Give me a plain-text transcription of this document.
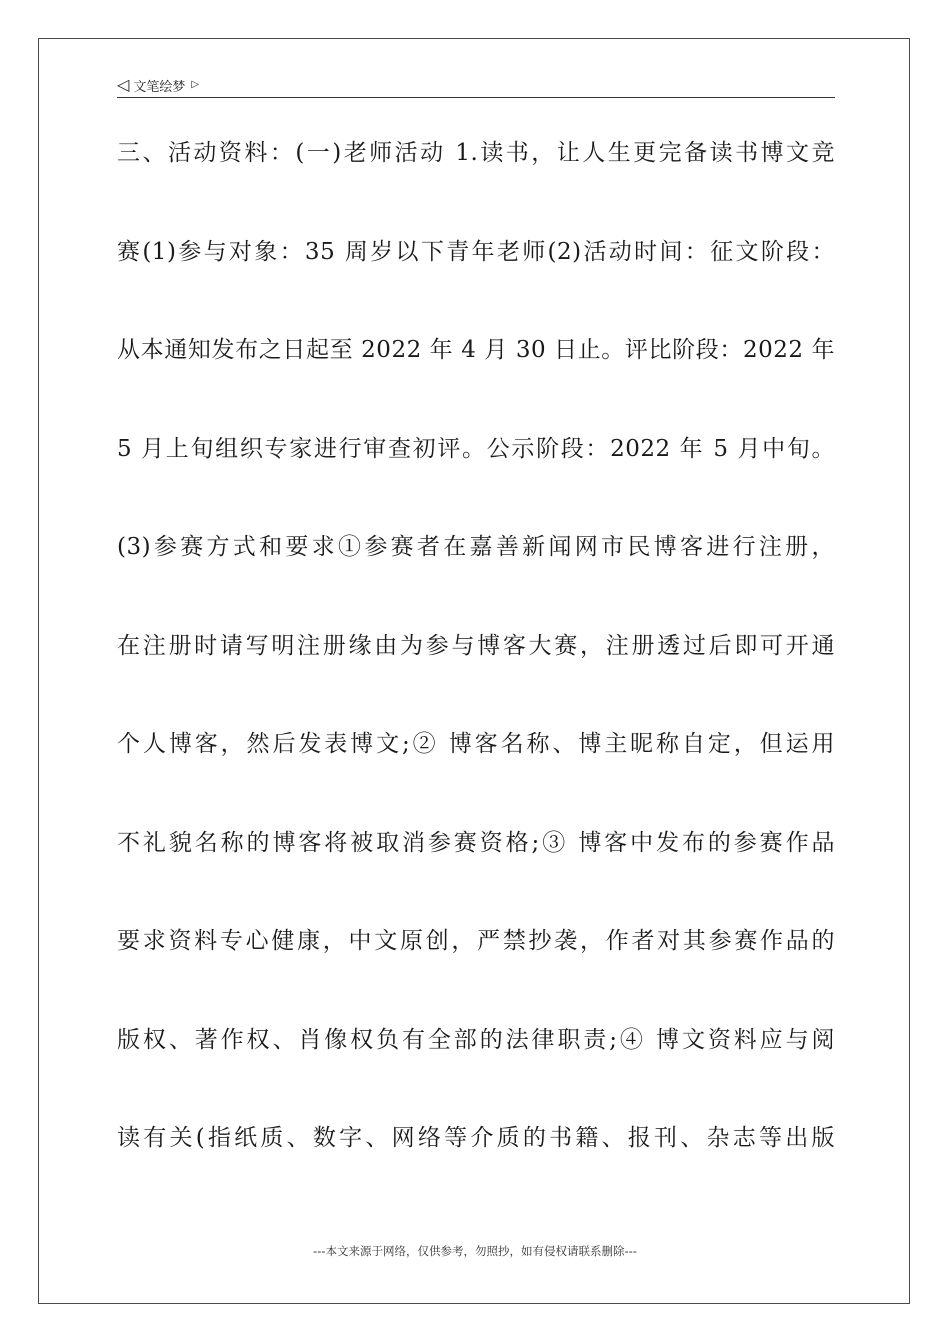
◁ 文笔绘梦 ▷
三、活动资料：(一)老师活动 1.读书，让人生更完备读书博文竞
赛(1)参与对象：35 周岁以下青年老师(2)活动时间：征文阶段：
从本通知发布之日起至 2022 年 4 月 30 日止。评比阶段：2022 年
5 月上旬组织专家进行审查初评。公示阶段：2022 年 5 月中旬。
(3)参赛方式和要求①参赛者在嘉善新闻网市民博客进行注册，
在注册时请写明注册缘由为参与博客大赛，注册透过后即可开通
个人博客，然后发表博文;② 博客名称、博主昵称自定，但运用
不礼貌名称的博客将被取消参赛资格;③ 博客中发布的参赛作品
要求资料专心健康，中文原创，严禁抄袭，作者对其参赛作品的
版权、著作权、肖像权负有全部的法律职责;④ 博文资料应与阅
读有关(指纸质、数字、网络等介质的书籍、报刊、杂志等出版
---本文来源于网络，仅供参考，勿照抄，如有侵权请联系删除---
